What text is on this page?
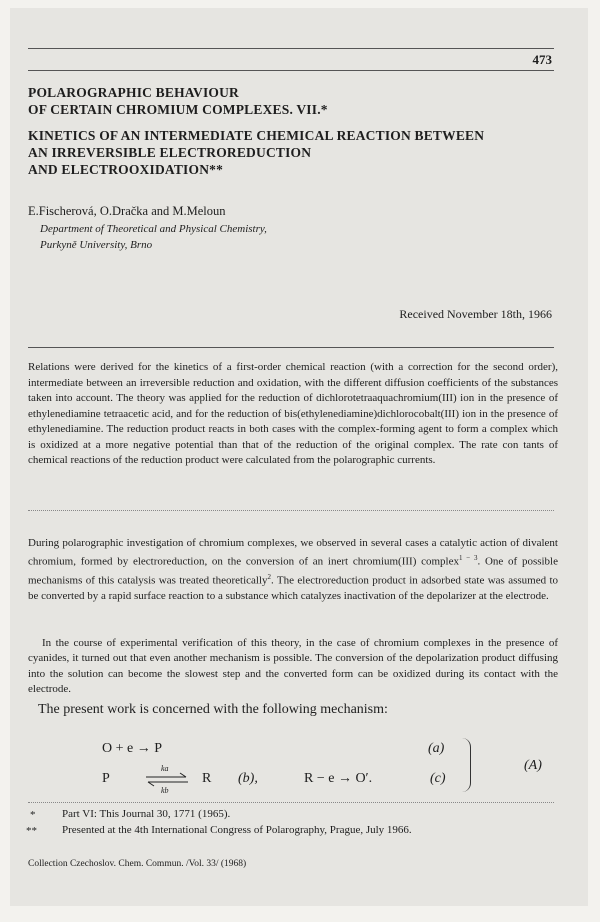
473
POLAROGRAPHIC BEHAVIOUR
OF CERTAIN CHROMIUM COMPLEXES. VII.*
KINETICS OF AN INTERMEDIATE CHEMICAL REACTION BETWEEN
AN IRREVERSIBLE ELECTROREDUCTION
AND ELECTROOXIDATION**
E.Fischerová, O.Dračka and M.Meloun
Department of Theoretical and Physical Chemistry,
Purkyně University, Brno
Received November 18th, 1966
Relations were derived for the kinetics of a first-order chemical reaction (with a correction for the second order), intermediate between an irreversible reduction and oxidation, with the different diffusion coefficients of the substances taken into account. The theory was applied for the reduction of dichlorotetraaquachromium(III) ion in the presence of ethylenediamine tetraacetic acid, and for the reduction of bis(ethylenediamine)dichlorocobalt(III) ion in the presence of ethylenediamine. The reduction product reacts in both cases with the complex-forming agent to form a complex which is oxidized at a more negative potential than that of the reduction of the original complex. The rate con tants of chemical reactions of the reduction product were calculated from the polarographic currents.
During polarographic investigation of chromium complexes, we observed in several cases a catalytic action of divalent chromium, formed by electroreduction, on the conversion of an inert chromium(III) complex$^{1 - 3}$. One of possible mechanisms of this catalysis was treated theoretically$^2$. The electroreduction product in adsorbed state was assumed to be converted by a rapid surface reaction to a substance which catalyzes inactivation of the depolarizer at the electrode.
In the course of experimental verification of this theory, in the case of chromium complexes in the presence of cyanides, it turned out that even another mechanism is possible. The conversion of the depolarization product diffusing into the solution can become the slowest step and the converted form can be oxidized during its contact with the electrode.
The present work is concerned with the following mechanism:
O + e → P	(a)
P
ka
kb
R (b),	R − e → O′.	(c)
(A)
* Part VI: This Journal 30, 1771 (1965).
** Presented at the 4th International Congress of Polarography, Prague, July 1966.
Collection Czechoslov. Chem. Commun. /Vol. 33/ (1968)
